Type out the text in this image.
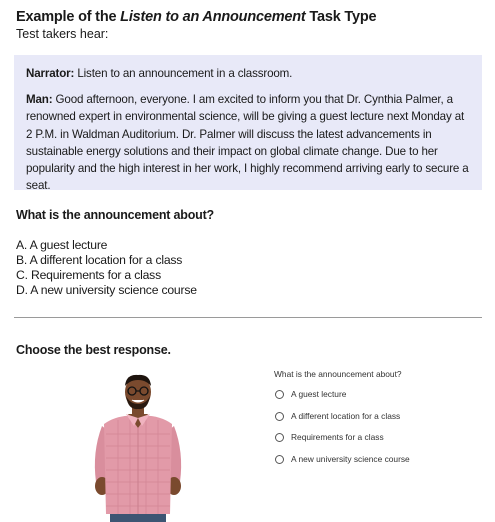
Example of the Listen to an Announcement Task Type
Test takers hear:

Narrator: Listen to an announcement in a classroom.

Man: Good afternoon, everyone. I am excited to inform you that Dr. Cynthia Palmer, a renowned expert in environmental science, will be giving a guest lecture next Monday at 2 P.M. in Waldman Auditorium. Dr. Palmer will discuss the latest advancements in sustainable energy solutions and their impact on global climate change. Due to her popularity and the high interest in her work, I highly recommend arriving early to secure a seat.

What is the announcement about?
A. A guest lecture
B. A different location for a class
C. Requirements for a class
D. A new university science course
Choose the best response.
What is the announcement about?
A guest lecture
A different location for a class
Requirements for a class
A new university science course
